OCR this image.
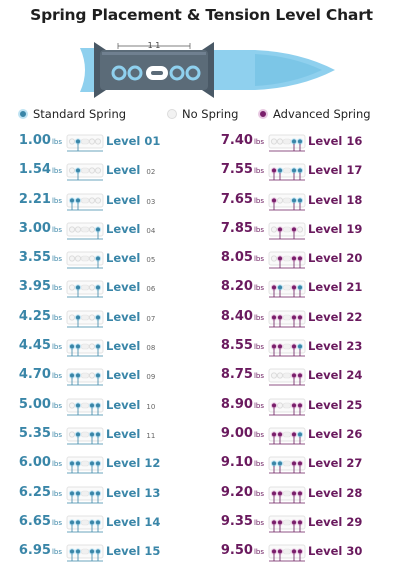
Spring Placement & Tension Level Chart
1 1
Standard Spring	No Spring	Advanced Spring
1.00lbs	Level 01
1.54lbs	Level 02
2.21lbs	Level 03
3.00lbs	Level 04
3.55lbs	Level 05
3.95lbs	Level 06
4.25lbs	Level 07
4.45lbs	Level 08
4.70lbs	Level 09
5.00lbs	Level 10
5.35lbs	Level 11
6.00lbs	Level 12
6.25lbs	Level 13
6.65lbs	Level 14
6.95lbs	Level 15
7.40lbs	Level 16
7.55lbs	Level 17
7.65lbs	Level 18
7.85lbs	Level 19
8.05lbs	Level 20
8.20lbs	Level 21
8.40lbs	Level 22
8.55lbs	Level 23
8.75lbs	Level 24
8.90lbs	Level 25
9.00lbs	Level 26
9.10lbs	Level 27
9.20lbs	Level 28
9.35lbs	Level 29
9.50lbs	Level 30
